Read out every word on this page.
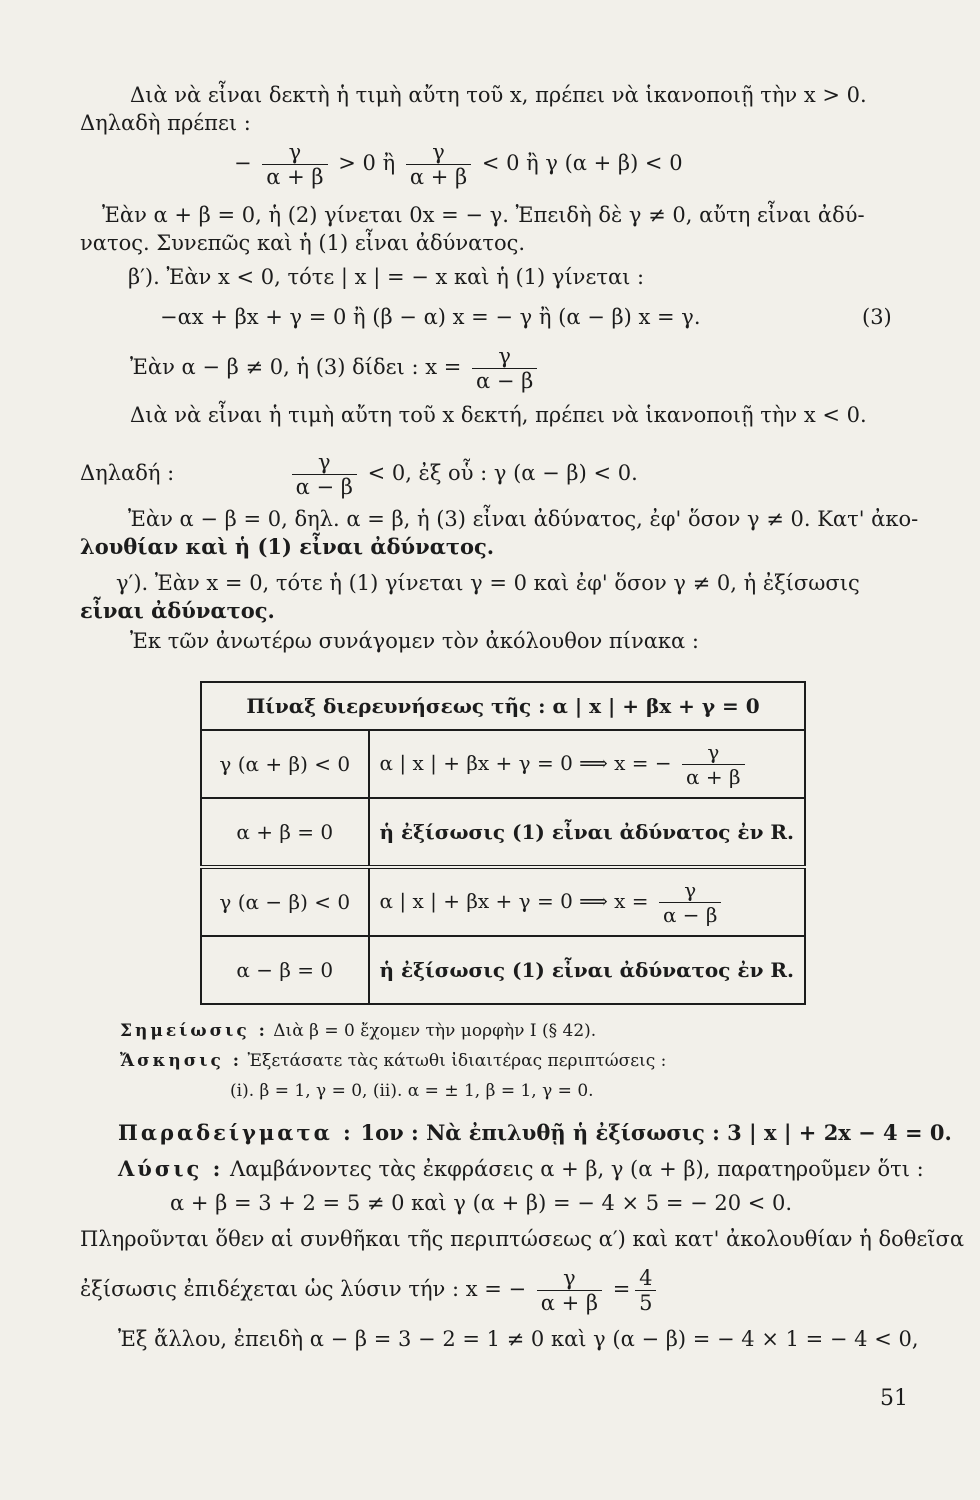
Διὰ νὰ εἶναι δεκτὴ ἡ τιμὴ αὔτη τοῦ x, πρέπει νὰ ἱκανοποιῇ τὴν x > 0.
Δηλαδὴ πρέπει :
− $\frac{\gamma}{\alpha + \beta} > 0$ ἢ $\frac{\gamma}{\alpha + \beta} < 0$ ἢ γ (α + β) < 0
Ἐὰν α + β = 0, ἡ (2) γίνεται 0x = − γ. Ἐπειδὴ δὲ γ ≠ 0, αὔτη εἶναι ἀδύ-
νατος. Συνεπῶς καὶ ἡ (1) εἶναι ἀδύνατος.
β′). Ἐὰν x < 0, τότε | x | = − x καὶ ἡ (1) γίνεται :
−αx + βx + γ = 0 ἢ (β − α) x = − γ ἢ (α − β) x = γ.	(3)
Ἐὰν α − β ≠ 0, ἡ (3) δίδει : $x = \frac{\gamma}{\alpha - \beta}$
Διὰ νὰ εἶναι ἡ τιμὴ αὔτη τοῦ x δεκτή, πρέπει νὰ ἱκανοποιῇ τὴν x < 0.
Δηλαδή :	$\frac{\gamma}{\alpha - \beta} < 0$, ἐξ οὗ : γ (α − β) < 0.
Ἐὰν α − β = 0, δηλ. α = β, ἡ (3) εἶναι ἀδύνατος, ἐφ' ὅσον γ ≠ 0. Κατ' ἀκο-
λουθίαν καὶ ἡ (1) εἶναι ἀδύνατος.
γ′). Ἐὰν x = 0, τότε ἡ (1) γίνεται γ = 0 καὶ ἐφ' ὅσον γ ≠ 0, ἡ ἐξίσωσις
εἶναι ἀδύνατος.
Ἐκ τῶν ἀνωτέρω συνάγομεν τὸν ἀκόλουθον πίνακα :
Πίναξ διερευνήσεως τῆς : α | x | + βx + γ = 0	
γ (α + β) < 0	α | x | + βx + γ = 0 ⟹ x = − $\frac{\gamma}{\alpha + \beta}$

α + β = 0	ἡ ἐξίσωσις (1) εἶναι ἀδύνατος ἐν R.
γ (α − β) < 0	α | x | + βx + γ = 0 ⟹ $x = \frac{\gamma}{\alpha - \beta}$

α − β = 0	ἡ ἐξίσωσις (1) εἶναι ἀδύνατος ἐν R.
Σημείωσις : Διὰ β = 0 ἔχομεν τὴν μορφὴν Ι (§ 42).
Ἄσκησις : Ἐξετάσατε τὰς κάτωθι ἰδιαιτέρας περιπτώσεις :
(i). β = 1, γ = 0, (ii). α = ± 1, β = 1, γ = 0.
Παραδείγματα : 1ον : Νὰ ἐπιλυθῇ ἡ ἐξίσωσις : 3 | x | + 2x − 4 = 0.
Λύσις : Λαμβάνοντες τὰς ἐκφράσεις α + β, γ (α + β), παρατηροῦμεν ὅτι :
α + β = 3 + 2 = 5 ≠ 0 καὶ γ (α + β) = − 4 × 5 = − 20 < 0.
Πληροῦνται ὅθεν αἱ συνθῆκαι τῆς περιπτώσεως α′) καὶ κατ' ἀκολουθίαν ἡ δοθεῖσα
ἐξίσωσις ἐπιδέχεται ὡς λύσιν τήν : x = − $\frac{\gamma}{\alpha + \beta} = \frac{4}{5}$
Ἐξ ἄλλου, ἐπειδὴ α − β = 3 − 2 = 1 ≠ 0 καὶ γ (α − β) = − 4 × 1 = − 4 < 0,
51
